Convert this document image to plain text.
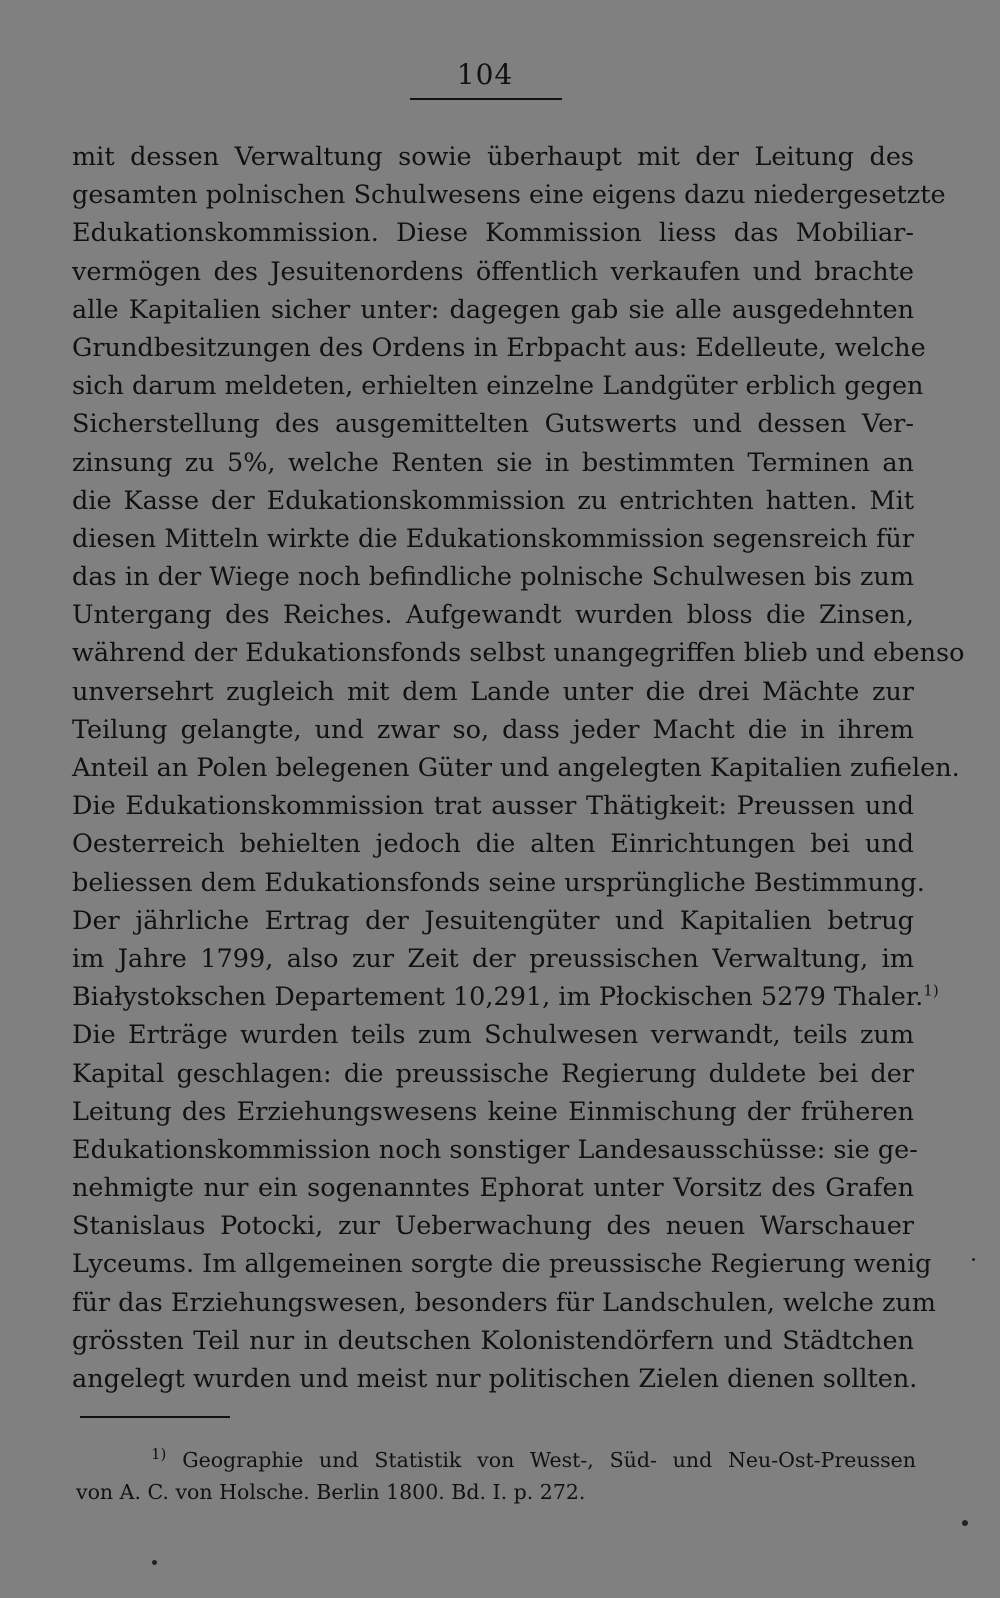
104
mit dessen Verwaltung sowie überhaupt mit der Leitung des
gesamten polnischen Schulwesens eine eigens dazu niedergesetzte
Edukationskommission. Diese Kommission liess das Mobiliar-
vermögen des Jesuitenordens öffentlich verkaufen und brachte
alle Kapitalien sicher unter: dagegen gab sie alle ausgedehnten
Grundbesitzungen des Ordens in Erbpacht aus: Edelleute, welche
sich darum meldeten, erhielten einzelne Landgüter erblich gegen
Sicherstellung des ausgemittelten Gutswerts und dessen Ver-
zinsung zu 5%, welche Renten sie in bestimmten Terminen an
die Kasse der Edukationskommission zu entrichten hatten. Mit
diesen Mitteln wirkte die Edukationskommission segensreich für
das in der Wiege noch befindliche polnische Schulwesen bis zum
Untergang des Reiches. Aufgewandt wurden bloss die Zinsen,
während der Edukationsfonds selbst unangegriffen blieb und ebenso
unversehrt zugleich mit dem Lande unter die drei Mächte zur
Teilung gelangte, und zwar so, dass jeder Macht die in ihrem
Anteil an Polen belegenen Güter und angelegten Kapitalien zufielen.
Die Edukationskommission trat ausser Thätigkeit: Preussen und
Oesterreich behielten jedoch die alten Einrichtungen bei und
beliessen dem Edukationsfonds seine ursprüngliche Bestimmung.
Der jährliche Ertrag der Jesuitengüter und Kapitalien betrug
im Jahre 1799, also zur Zeit der preussischen Verwaltung, im
Białystokschen Departement 10,291, im Płockischen 5279 Thaler.$^{1)}$
Die Erträge wurden teils zum Schulwesen verwandt, teils zum
Kapital geschlagen: die preussische Regierung duldete bei der
Leitung des Erziehungswesens keine Einmischung der früheren
Edukationskommission noch sonstiger Landesausschüsse: sie ge-
nehmigte nur ein sogenanntes Ephorat unter Vorsitz des Grafen
Stanislaus Potocki, zur Ueberwachung des neuen Warschauer
Lyceums. Im allgemeinen sorgte die preussische Regierung wenig
für das Erziehungswesen, besonders für Landschulen, welche zum
grössten Teil nur in deutschen Kolonistendörfern und Städtchen
angelegt wurden und meist nur politischen Zielen dienen sollten.
$^{1)}$ Geographie und Statistik von West-, Süd- und Neu-Ost-Preussen
von A. C. von Holsche. Berlin 1800. Bd. I. p. 272.
